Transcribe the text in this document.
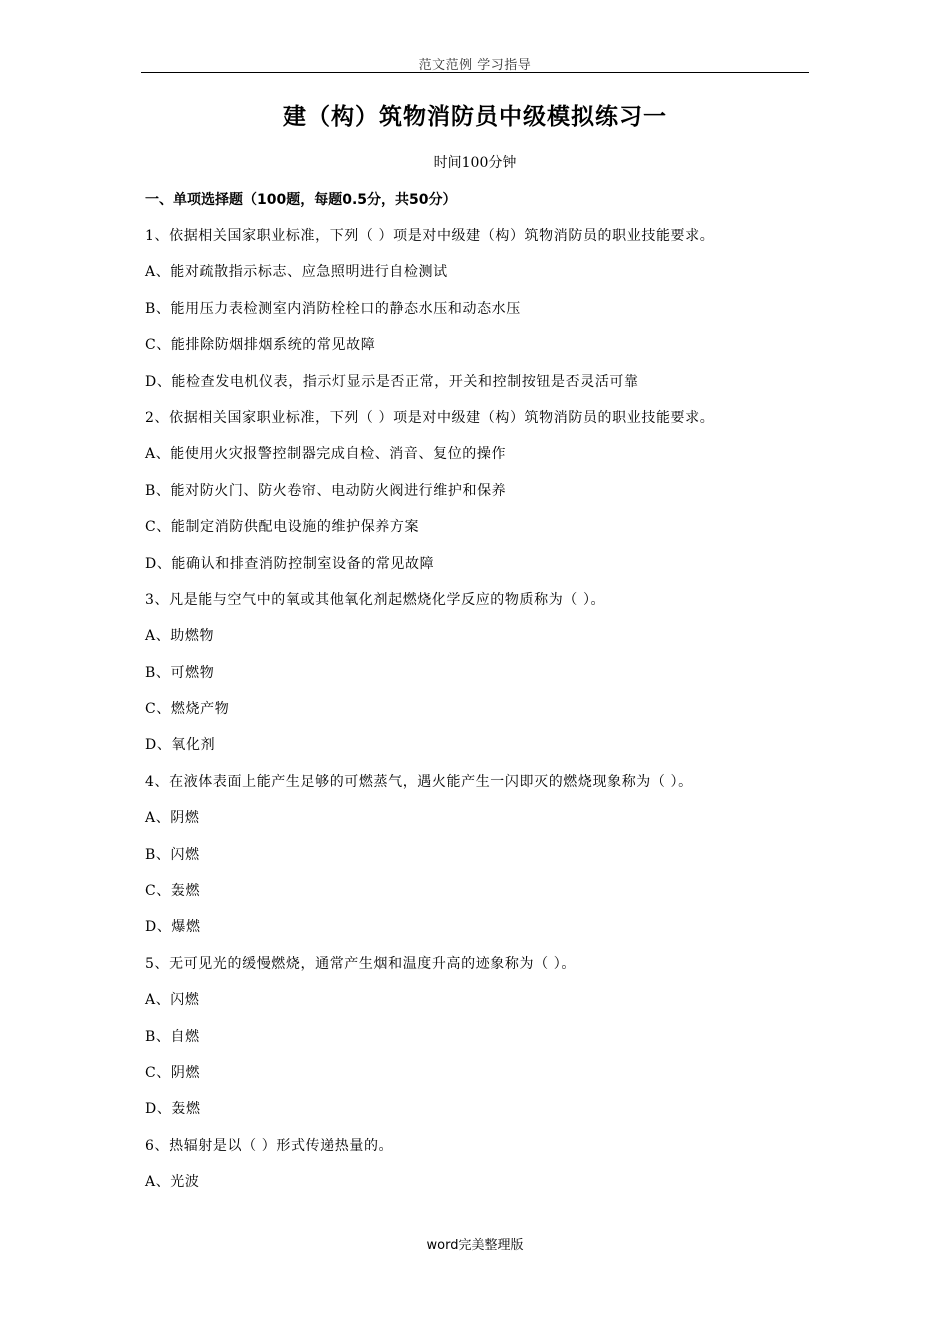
范文范例 学习指导
建（构）筑物消防员中级模拟练习一
时间100分钟
一、单项选择题（100题，每题0.5分，共50分）
1、依据相关国家职业标准，下列（ ）项是对中级建（构）筑物消防员的职业技能要求。
A、能对疏散指示标志、应急照明进行自检测试
B、能用压力表检测室内消防栓栓口的静态水压和动态水压
C、能排除防烟排烟系统的常见故障
D、能检查发电机仪表，指示灯显示是否正常，开关和控制按钮是否灵活可靠
2、依据相关国家职业标准，下列（ ）项是对中级建（构）筑物消防员的职业技能要求。
A、能使用火灾报警控制器完成自检、消音、复位的操作
B、能对防火门、防火卷帘、电动防火阀进行维护和保养
C、能制定消防供配电设施的维护保养方案
D、能确认和排查消防控制室设备的常见故障
3、凡是能与空气中的氧或其他氧化剂起燃烧化学反应的物质称为（ ）。
A、助燃物
B、可燃物
C、燃烧产物
D、氧化剂
4、在液体表面上能产生足够的可燃蒸气，遇火能产生一闪即灭的燃烧现象称为（ ）。
A、阴燃
B、闪燃
C、轰燃
D、爆燃
5、无可见光的缓慢燃烧，通常产生烟和温度升高的迹象称为（ ）。
A、闪燃
B、自燃
C、阴燃
D、轰燃
6、热辐射是以（ ）形式传递热量的。
A、光波
word完美整理版
